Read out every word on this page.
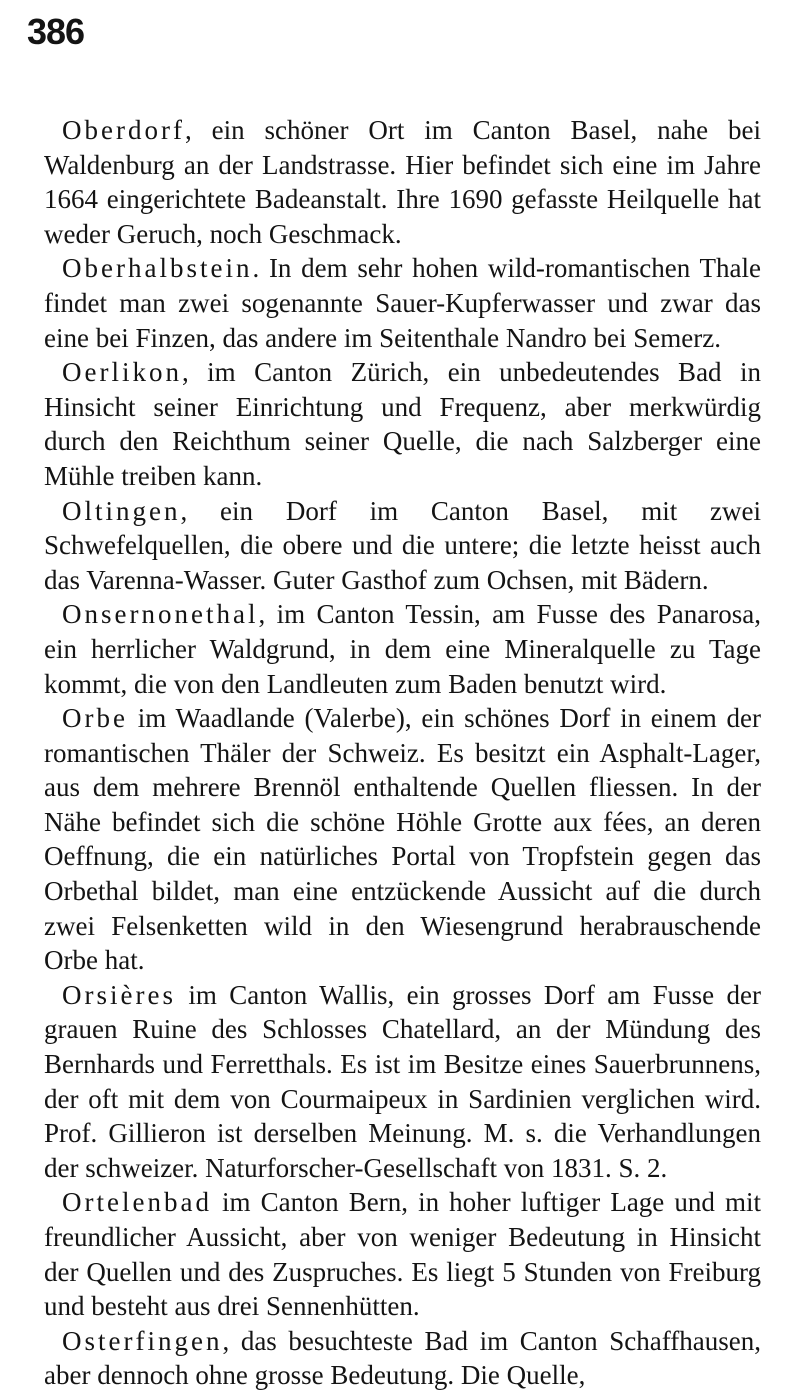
386

Oberdorf, ein schöner Ort im Canton Basel, nahe bei Waldenburg an der Landstrasse. Hier befindet sich eine im Jahre 1664 eingerichtete Badeanstalt. Ihre 1690 gefasste Heilquelle hat weder Geruch, noch Geschmack.

Oberhalbstein. In dem sehr hohen wild-romantischen Thale findet man zwei sogenannte Sauer-Kupferwasser und zwar das eine bei Finzen, das andere im Seitenthale Nandro bei Semerz.

Oerlikon, im Canton Zürich, ein unbedeutendes Bad in Hinsicht seiner Einrichtung und Frequenz, aber merkwürdig durch den Reichthum seiner Quelle, die nach Salzberger eine Mühle treiben kann.

Oltingen, ein Dorf im Canton Basel, mit zwei Schwefelquellen, die obere und die untere; die letzte heisst auch das Varenna-Wasser. Guter Gasthof zum Ochsen, mit Bädern.

Onsernonethal, im Canton Tessin, am Fusse des Panarosa, ein herrlicher Waldgrund, in dem eine Mineralquelle zu Tage kommt, die von den Landleuten zum Baden benutzt wird.

Orbe im Waadlande (Valerbe), ein schönes Dorf in einem der romantischen Thäler der Schweiz. Es besitzt ein Asphalt-Lager, aus dem mehrere Brennöl enthaltende Quellen fliessen. In der Nähe befindet sich die schöne Höhle Grotte aux fées, an deren Oeffnung, die ein natürliches Portal von Tropfstein gegen das Orbethal bildet, man eine entzückende Aussicht auf die durch zwei Felsenketten wild in den Wiesengrund herabrauschende Orbe hat.

Orsières im Canton Wallis, ein grosses Dorf am Fusse der grauen Ruine des Schlosses Chatellard, an der Mündung des Bernhards und Ferretthals. Es ist im Besitze eines Sauerbrunnens, der oft mit dem von Courmaipeux in Sardinien verglichen wird. Prof. Gillieron ist derselben Meinung. M. s. die Verhandlungen der schweizer. Naturforscher-Gesellschaft von 1831. S. 2.

Ortelenbad im Canton Bern, in hoher luftiger Lage und mit freundlicher Aussicht, aber von weniger Bedeutung in Hinsicht der Quellen und des Zuspruches. Es liegt 5 Stunden von Freiburg und besteht aus drei Sennenhütten.

Osterfingen, das besuchteste Bad im Canton Schaffhausen, aber dennoch ohne grosse Bedeutung. Die Quelle,
